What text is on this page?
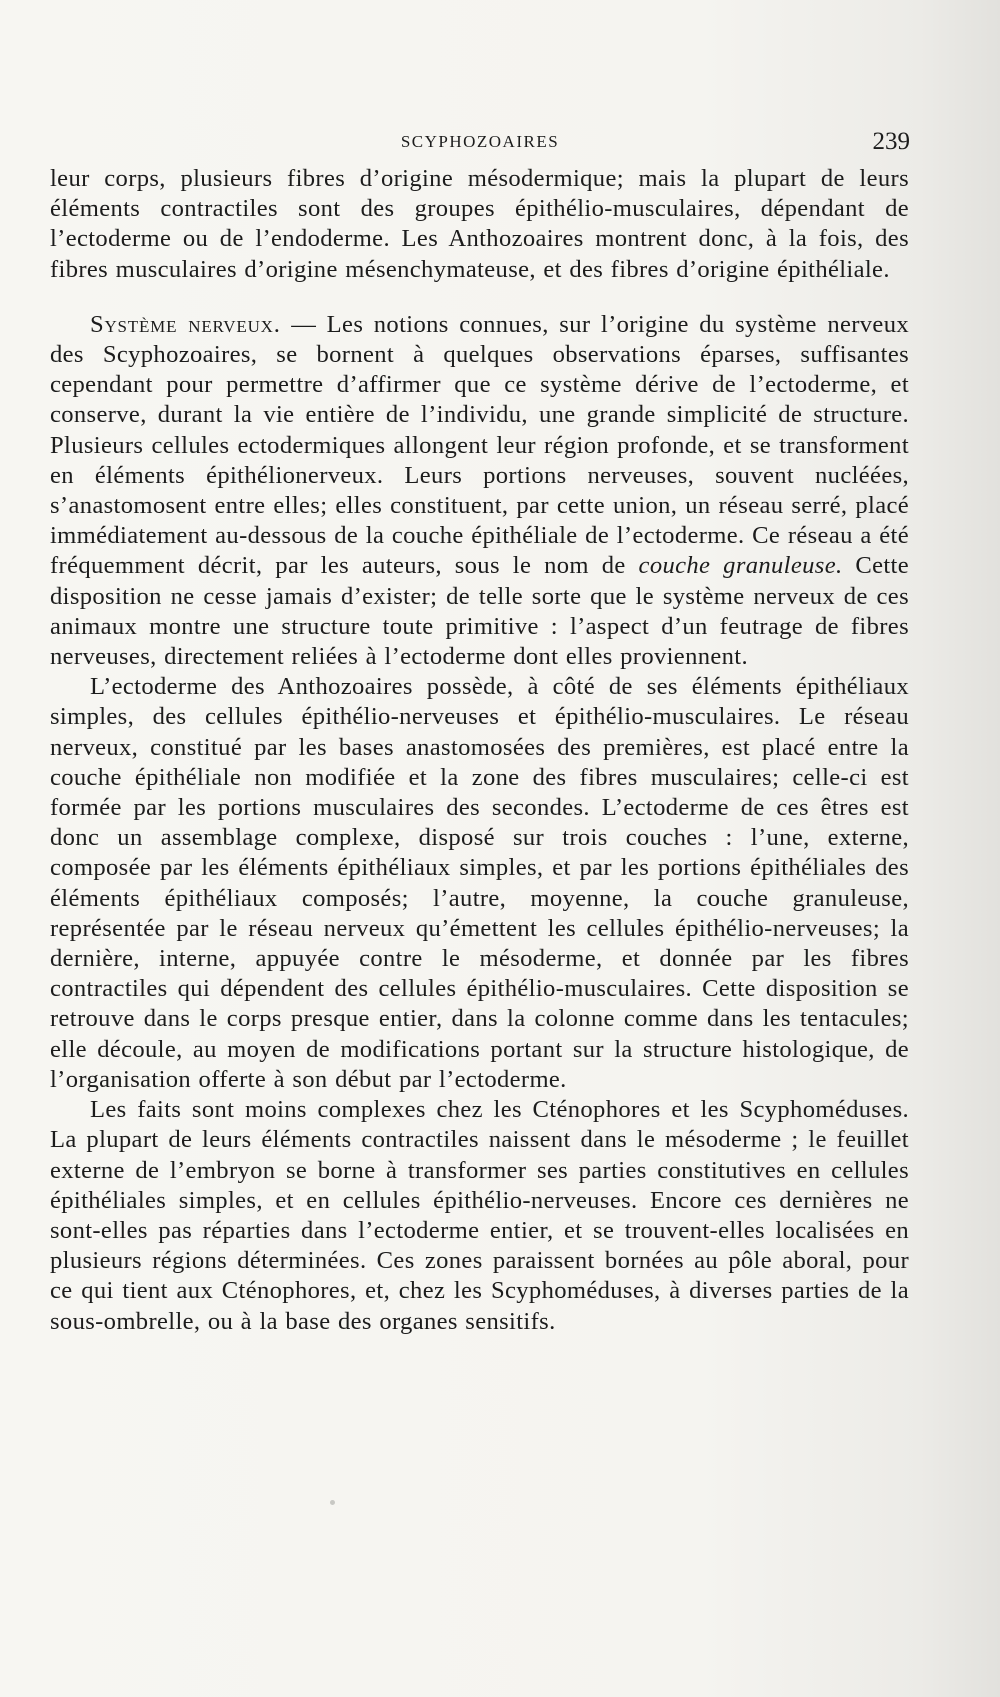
SCYPHOZOAIRES	239

leur corps, plusieurs fibres d’origine mésodermique; mais la plupart de leurs éléments contractiles sont des groupes épithélio-musculaires, dépendant de l’ectoderme ou de l’endoderme. Les Anthozoaires montrent donc, à la fois, des fibres musculaires d’origine mésenchymateuse, et des fibres d’origine épithéliale.

Système nerveux. — Les notions connues, sur l’origine du système nerveux des Scyphozoaires, se bornent à quelques observations éparses, suffisantes cependant pour permettre d’affirmer que ce système dérive de l’ectoderme, et conserve, durant la vie entière de l’individu, une grande simplicité de structure. Plusieurs cellules ectodermiques allongent leur région profonde, et se transforment en éléments épithélionerveux. Leurs portions nerveuses, souvent nucléées, s’anastomosent entre elles; elles constituent, par cette union, un réseau serré, placé immédiatement au-dessous de la couche épithéliale de l’ectoderme. Ce réseau a été fréquemment décrit, par les auteurs, sous le nom de couche granuleuse. Cette disposition ne cesse jamais d’exister; de telle sorte que le système nerveux de ces animaux montre une structure toute primitive : l’aspect d’un feutrage de fibres nerveuses, directement reliées à l’ectoderme dont elles proviennent.

L’ectoderme des Anthozoaires possède, à côté de ses éléments épithéliaux simples, des cellules épithélio-nerveuses et épithélio-musculaires. Le réseau nerveux, constitué par les bases anastomosées des premières, est placé entre la couche épithéliale non modifiée et la zone des fibres musculaires; celle-ci est formée par les portions musculaires des secondes. L’ectoderme de ces êtres est donc un assemblage complexe, disposé sur trois couches : l’une, externe, composée par les éléments épithéliaux simples, et par les portions épithéliales des éléments épithéliaux composés; l’autre, moyenne, la couche granuleuse, représentée par le réseau nerveux qu’émettent les cellules épithélio-nerveuses; la dernière, interne, appuyée contre le mésoderme, et donnée par les fibres contractiles qui dépendent des cellules épithélio-musculaires. Cette disposition se retrouve dans le corps presque entier, dans la colonne comme dans les tentacules; elle découle, au moyen de modifications portant sur la structure histologique, de l’organisation offerte à son début par l’ectoderme.

Les faits sont moins complexes chez les Cténophores et les Scyphoméduses. La plupart de leurs éléments contractiles naissent dans le mésoderme ; le feuillet externe de l’embryon se borne à transformer ses parties constitutives en cellules épithéliales simples, et en cellules épithélio-nerveuses. Encore ces dernières ne sont-elles pas réparties dans l’ectoderme entier, et se trouvent-elles localisées en plusieurs régions déterminées. Ces zones paraissent bornées au pôle aboral, pour ce qui tient aux Cténophores, et, chez les Scyphoméduses, à diverses parties de la sous-ombrelle, ou à la base des organes sensitifs.
